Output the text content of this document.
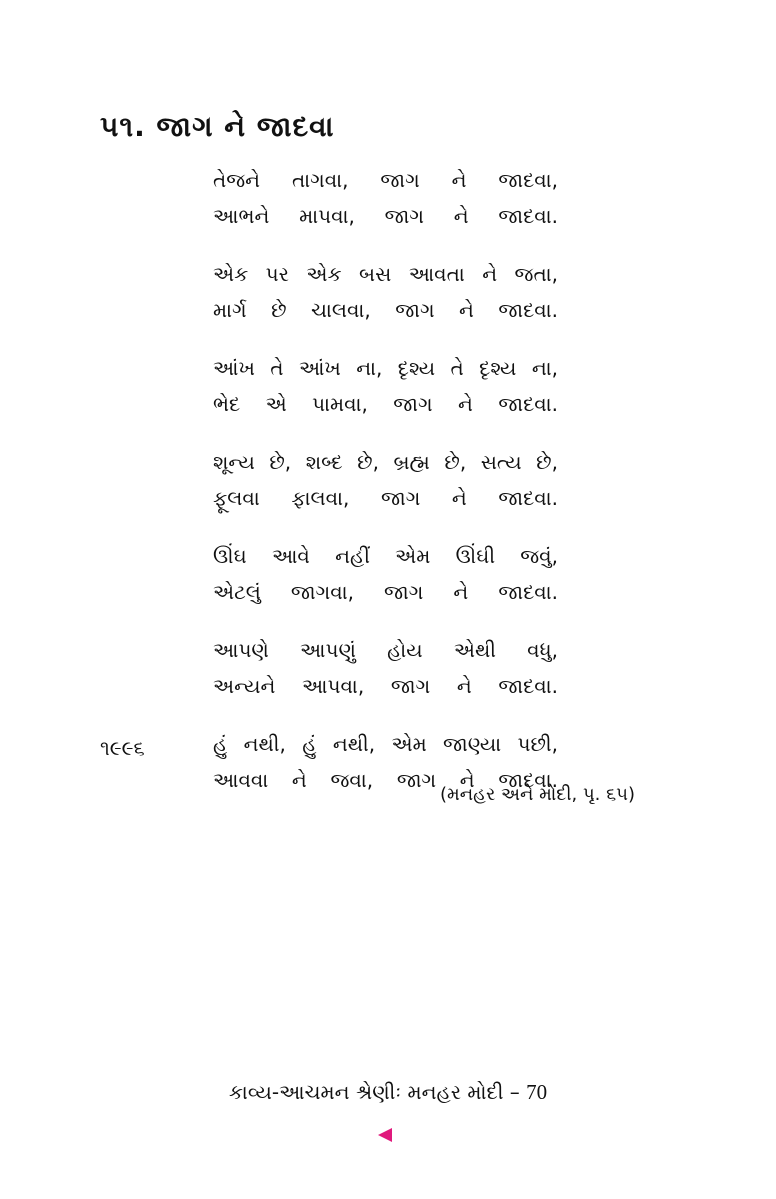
૫૧. જાગ ને જાદવા
તેજને તાગવા, જાગ ને જાદવા,
આભને માપવા, જાગ ને જાદવા.
એક પર એક બસ આવતા ને જતા,
માર્ગ છે ચાલવા, જાગ ને જાદવા.
આંખ તે આંખ ના, દૃશ્ય તે દૃશ્ય ના,
ભેદ એ પામવા, જાગ ને જાદવા.
શૂન્ય છે, શબ્દ છે, બ્રહ્મ છે, સત્ય છે,
ફૂલવા ફાલવા, જાગ ને જાદવા.
ઊંઘ આવે નહીં એમ ઊંઘી જવું,
એટલું જાગવા, જાગ ને જાદવા.
આપણે આપણું હોય એથી વધુ,
અન્યને આપવા, જાગ ને જાદવા.
હું નથી, હું નથી, એમ જાણ્યા પછી,
આવવા ને જવા, જાગ ને જાદવા.
૧૯૯૬
(મનહર અને મોદી, પૃ. ૬૫)
કાવ્ય-આચમન શ્રેણીઃ મનહર મોદી – 70
